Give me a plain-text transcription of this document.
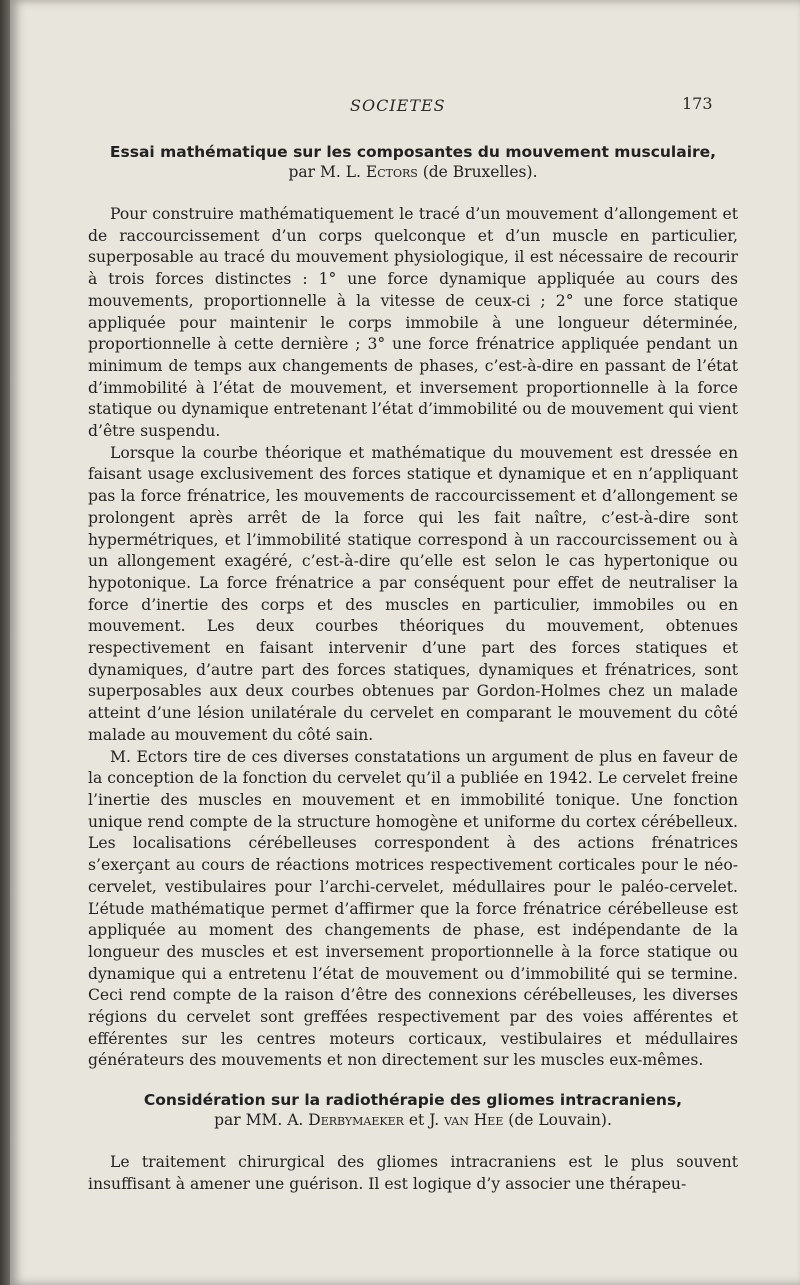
SOCIETES	173

Essai mathématique sur les composantes du mouvement musculaire,

par M. L. Ectors (de Bruxelles).

Pour construire mathématiquement le tracé d’un mouvement d’allongement et de raccourcissement d’un corps quelconque et d’un muscle en particulier, superposable au tracé du mouvement physiologique, il est nécessaire de recourir à trois forces distinctes : 1° une force dynamique appliquée au cours des mouvements, proportionnelle à la vitesse de ceux-ci ; 2° une force statique appliquée pour maintenir le corps immobile à une longueur déterminée, proportionnelle à cette dernière ; 3° une force frénatrice appliquée pendant un minimum de temps aux changements de phases, c’est-à-dire en passant de l’état d’immobilité à l’état de mouvement, et inversement proportionnelle à la force statique ou dynamique entretenant l’état d’immobilité ou de mouvement qui vient d’être suspendu.

Lorsque la courbe théorique et mathématique du mouvement est dressée en faisant usage exclusivement des forces statique et dynamique et en n’appliquant pas la force frénatrice, les mouvements de raccourcissement et d’allongement se prolongent après arrêt de la force qui les fait naître, c’est-à-dire sont hypermétriques, et l’immobilité statique correspond à un raccourcissement ou à un allongement exagéré, c’est-à-dire qu’elle est selon le cas hypertonique ou hypotonique. La force frénatrice a par conséquent pour effet de neutraliser la force d’inertie des corps et des muscles en particulier, immobiles ou en mouvement. Les deux courbes théoriques du mouvement, obtenues respectivement en faisant intervenir d’une part des forces statiques et dynamiques, d’autre part des forces statiques, dynamiques et frénatrices, sont superposables aux deux courbes obtenues par Gordon-Holmes chez un malade atteint d’une lésion unilatérale du cervelet en comparant le mouvement du côté malade au mouvement du côté sain.

M. Ectors tire de ces diverses constatations un argument de plus en faveur de la conception de la fonction du cervelet qu’il a publiée en 1942. Le cervelet freine l’inertie des muscles en mouvement et en immobilité tonique. Une fonction unique rend compte de la structure homogène et uniforme du cortex cérébelleux. Les localisations cérébelleuses correspondent à des actions frénatrices s’exerçant au cours de réactions motrices respectivement corticales pour le néo-cervelet, vestibulaires pour l’archi-cervelet, médullaires pour le paléo-cervelet. L’étude mathématique permet d’affirmer que la force frénatrice cérébelleuse est appliquée au moment des changements de phase, est indépendante de la longueur des muscles et est inversement proportionnelle à la force statique ou dynamique qui a entretenu l’état de mouvement ou d’immobilité qui se termine. Ceci rend compte de la raison d’être des connexions cérébelleuses, les diverses régions du cervelet sont greffées respectivement par des voies afférentes et efférentes sur les centres moteurs corticaux, vestibulaires et médullaires générateurs des mouvements et non directement sur les muscles eux-mêmes.

Considération sur la radiothérapie des gliomes intracraniens,

par MM. A. Derbymaeker et J. van Hee (de Louvain).

Le traitement chirurgical des gliomes intracraniens est le plus souvent insuffisant à amener une guérison. Il est logique d’y associer une thérapeu-
